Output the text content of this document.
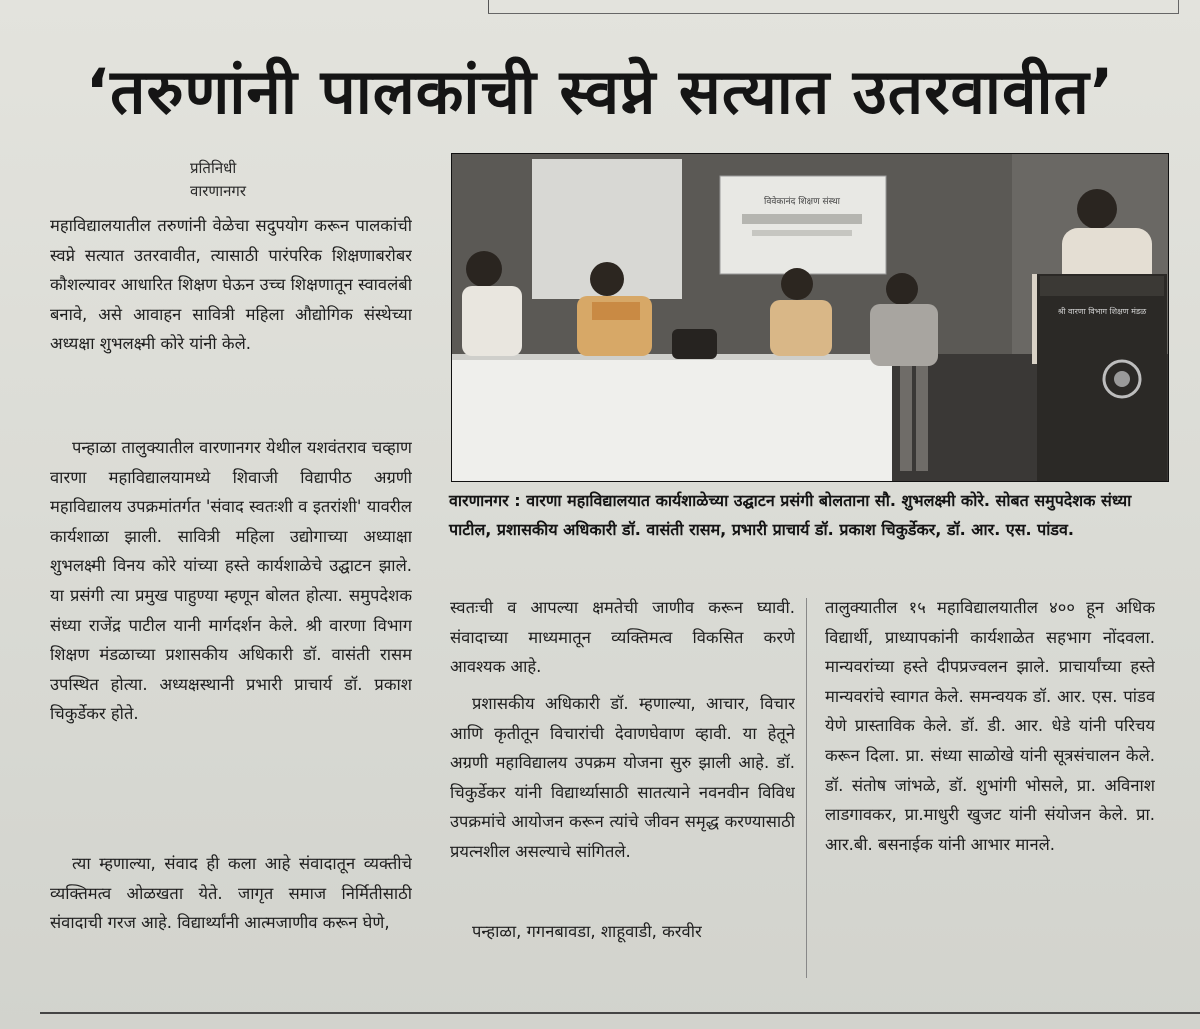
‘तरुणांनी पालकांची स्वप्ने सत्यात उतरवावीत’
प्रतिनिधी
वारणानगर

महाविद्यालयातील तरुणांनी वेळेचा सदुपयोग करून पालकांची स्वप्ने सत्यात उतरवावीत, त्यासाठी पारंपरिक शिक्षणाबरोबर कौशल्यावर आधारित शिक्षण घेऊन उच्च शिक्षणातून स्वावलंबी बनावे, असे आवाहन सावित्री महिला औद्योगिक संस्थेच्या अध्यक्षा शुभलक्ष्मी कोरे यांनी केले.

पन्हाळा तालुक्यातील वारणानगर येथील यशवंतराव चव्हाण वारणा महाविद्यालयामध्ये शिवाजी विद्यापीठ अग्रणी महाविद्यालय उपक्रमांतर्गत 'संवाद स्वतःशी व इतरांशी' यावरील कार्यशाळा झाली. सावित्री महिला उद्योगाच्या अध्याक्षा शुभलक्ष्मी विनय कोरे यांच्या हस्ते कार्यशाळेचे उद्घाटन झाले. या प्रसंगी त्या प्रमुख पाहुण्या म्हणून बोलत होत्या. समुपदेशक संध्या राजेंद्र पाटील यानी मार्गदर्शन केले. श्री वारणा विभाग शिक्षण मंडळाच्या प्रशासकीय अधिकारी डॉ. वासंती रासम उपस्थित होत्या. अध्यक्षस्थानी प्रभारी प्राचार्य डॉ. प्रकाश चिकुर्डेकर होते.

त्या म्हणाल्या, संवाद ही कला आहे संवादातून व्यक्तीचे व्यक्तिमत्व ओळखता येते. जागृत समाज निर्मितीसाठी संवादाची गरज आहे. विद्यार्थ्यांनी आत्मजाणीव करून घेणे,

विवेकानंद शिक्षण संस्था
श्री वारणा विभाग शिक्षण मंडळ
वारणानगर : वारणा महाविद्यालयात कार्यशाळेच्या उद्घाटन प्रसंगी बोलताना सौ. शुभलक्ष्मी कोरे. सोबत समुपदेशक संध्या पाटील, प्रशासकीय अधिकारी डॉ. वासंती रासम, प्रभारी प्राचार्य डॉ. प्रकाश चिकुर्डेकर, डॉ. आर. एस. पांडव.

स्वतःची व आपल्या क्षमतेची जाणीव करून घ्यावी. संवादाच्या माध्यमातून व्यक्तिमत्व विकसित करणे आवश्यक आहे.

प्रशासकीय अधिकारी डॉ. म्हणाल्या, आचार, विचार आणि कृतीतून विचारांची देवाणघेवाण व्हावी. या हेतूने अग्रणी महाविद्यालय उपक्रम योजना सुरु झाली आहे. डॉ. चिकुर्डेकर यांनी विद्यार्थ्यासाठी सातत्याने नवनवीन विविध उपक्रमांचे आयोजन करून त्यांचे जीवन समृद्ध करण्यासाठी प्रयत्नशील असल्याचे सांगितले.

पन्हाळा, गगनबावडा, शाहूवाडी, करवीर

तालुक्यातील १५ महाविद्यालयातील ४०० हून अधिक विद्यार्थी, प्राध्यापकांनी कार्यशाळेत सहभाग नोंदवला. मान्यवरांच्या हस्ते दीपप्रज्वलन झाले. प्राचार्यांच्या हस्ते मान्यवरांचे स्वागत केले. समन्वयक डॉ. आर. एस. पांडव येणे प्रास्ताविक केले. डॉ. डी. आर. धेडे यांनी परिचय करून दिला. प्रा. संध्या साळोखे यांनी सूत्रसंचालन केले. डॉ. संतोष जांभळे, डॉ. शुभांगी भोसले, प्रा. अविनाश लाडगावकर, प्रा.माधुरी खुजट यांनी संयोजन केले. प्रा. आर.बी. बसनाईक यांनी आभार मानले.
